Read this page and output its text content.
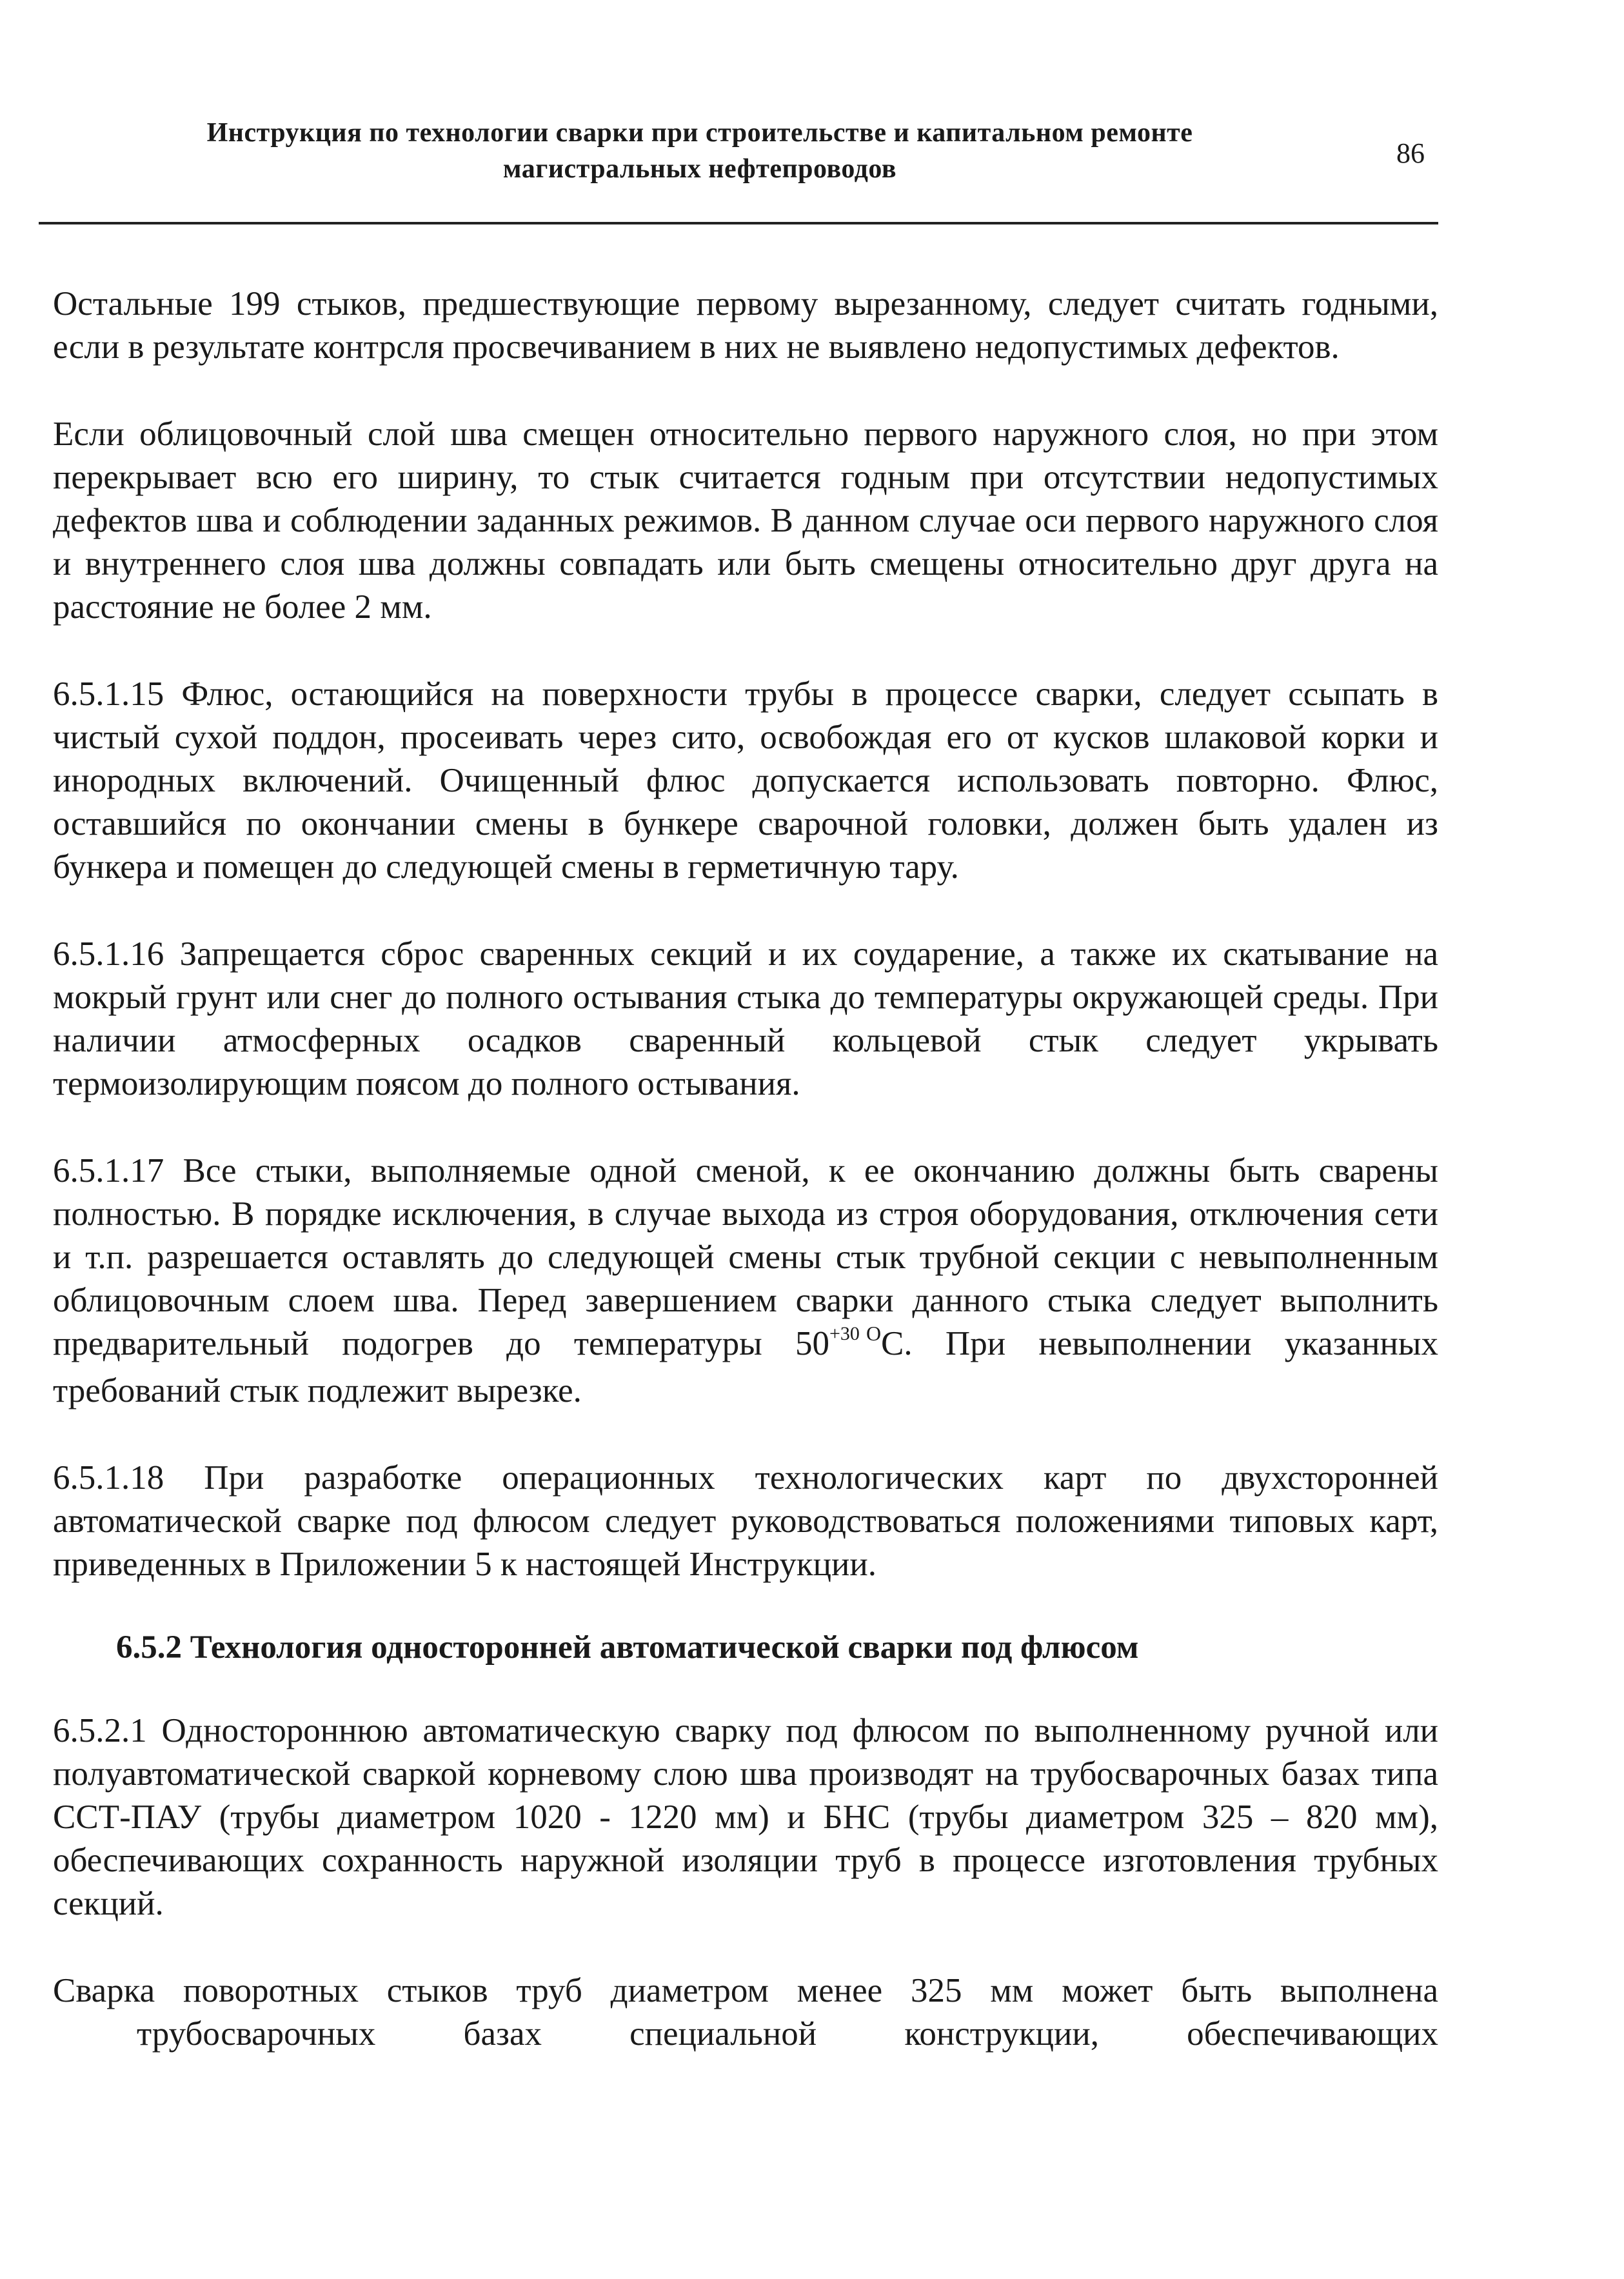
Инструкция по технологии сварки при строительстве и капитальном ремонте
магистральных нефтепроводов	86

Остальные 199 стыков, предшествующие первому вырезанному, следует считать годными, если в результате контрсля просвечиванием в них не выявлено недопустимых дефектов.

Если облицовочный слой шва смещен относительно первого наружного слоя, но при этом перекрывает всю его ширину, то стык считается годным при отсутствии недопустимых дефектов шва и соблюдении заданных режимов. В данном случае оси первого наружного слоя и внутреннего слоя шва должны совпадать или быть смещены относительно друг друга на расстояние не более 2 мм.

6.5.1.15 Флюс, остающийся на поверхности трубы в процессе сварки, следует ссыпать в чистый сухой поддон, просеивать через сито, освобождая его от кусков шлаковой корки и инородных включений. Очищенный флюс допускается использовать повторно. Флюс, оставшийся по окончании смены в бункере сварочной головки, должен быть удален из бункера и помещен до следующей смены в герметичную тару.

6.5.1.16 Запрещается сброс сваренных секций и их соударение, а также их скатывание на мокрый грунт или снег до полного остывания стыка до температуры окружающей среды. При наличии атмосферных осадков сваренный кольцевой стык следует укрывать термоизолирующим поясом до полного остывания.

6.5.1.17 Все стыки, выполняемые одной сменой, к ее окончанию должны быть сварены полностью. В порядке исключения, в случае выхода из строя оборудования, отключения сети и т.п. разрешается оставлять до следующей смены стык трубной секции с невыполненным облицовочным слоем шва. Перед завершением сварки данного стыка следует выполнить предварительный подогрев до температуры $50^{+30}$ $^O$С. При невыполнении указанных требований стык подлежит вырезке.

6.5.1.18 При разработке операционных технологических карт по двухсторонней автоматической сварке под флюсом следует руководствоваться положениями типовых карт, приведенных в Приложении 5 к настоящей Инструкции.

6.5.2 Технология односторонней автоматической сварки под флюсом

6.5.2.1 Одностороннюю автоматическую сварку под флюсом по выполненному ручной или полуавтоматической сваркой корневому слою шва производят на трубосварочных базах типа ССТ-ПАУ (трубы диаметром 1020 - 1220 мм) и БНС (трубы диаметром 325 – 820 мм), обеспечивающих сохранность наружной изоляции труб в процессе изготовления трубных секций.

Сварка поворотных стыков труб диаметром менее 325 мм может быть выполнена
трубосварочных базах специальной конструкции, обеспечивающих
